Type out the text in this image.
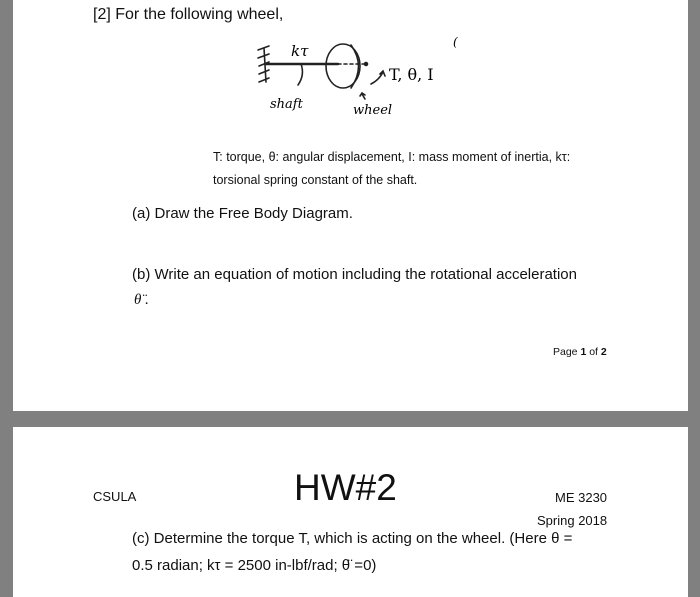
[2] For the following wheel,
kτ
T, θ, I
shaft	wheel
(
T: torque, θ: angular displacement, I: mass moment of inertia, kτ:
torsional spring constant of the shaft.
(a) Draw the Free Body Diagram.
(b) Write an equation of motion including the rotational acceleration
θ̈ .
Page 1 of 2
CSULA	HW#2	ME 3230
Spring 2018
(c) Determine the torque T, which is acting on the wheel. (Here θ =
0.5 radian; kτ = 2500 in-lbf/rad; θ̈ =0)
